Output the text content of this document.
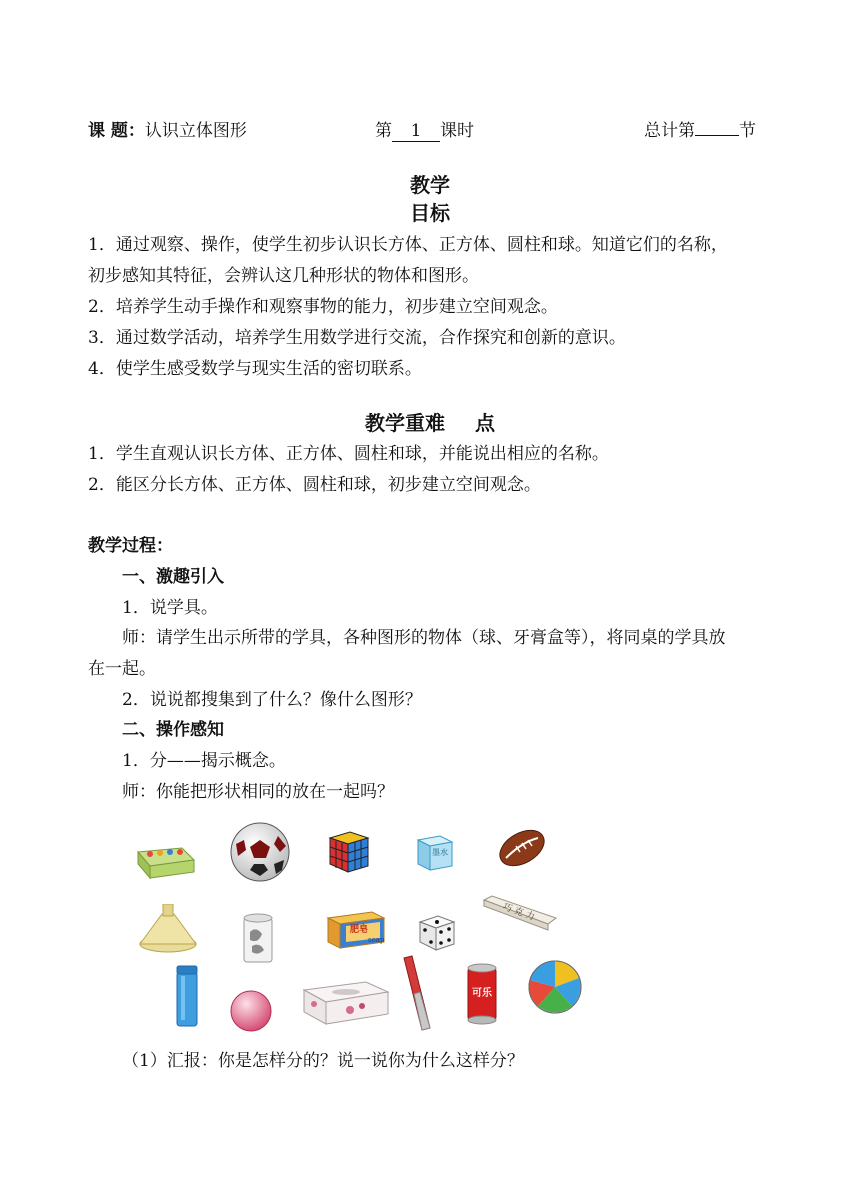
课 题：认识立体图形	第 1 课时	总计第	节
教学
目标
1．通过观察、操作，使学生初步认识长方体、正方体、圆柱和球。知道它们的名称，
初步感知其特征，会辨认这几种形状的物体和图形。
2．培养学生动手操作和观察事物的能力，初步建立空间观念。
3．通过数学活动，培养学生用数学进行交流，合作探究和创新的意识。
4．使学生感受数学与现实生活的密切联系。
教学重难 点
1．学生直观认识长方体、正方体、圆柱和球，并能说出相应的名称。
2．能区分长方体、正方体、圆柱和球，初步建立空间观念。
教学过程：
一、激趣引入
1．说学具。
师：请学生出示所带的学具，各种图形的物体（球、牙膏盒等），将同桌的学具放
在一起。
2．说说都搜集到了什么？像什么图形？
二、操作感知
1．分——揭示概念。
师：你能把形状相同的放在一起吗？
墨水
肥皂
soap
巧克力
可乐
（1）汇报：你是怎样分的？说一说你为什么这样分？
